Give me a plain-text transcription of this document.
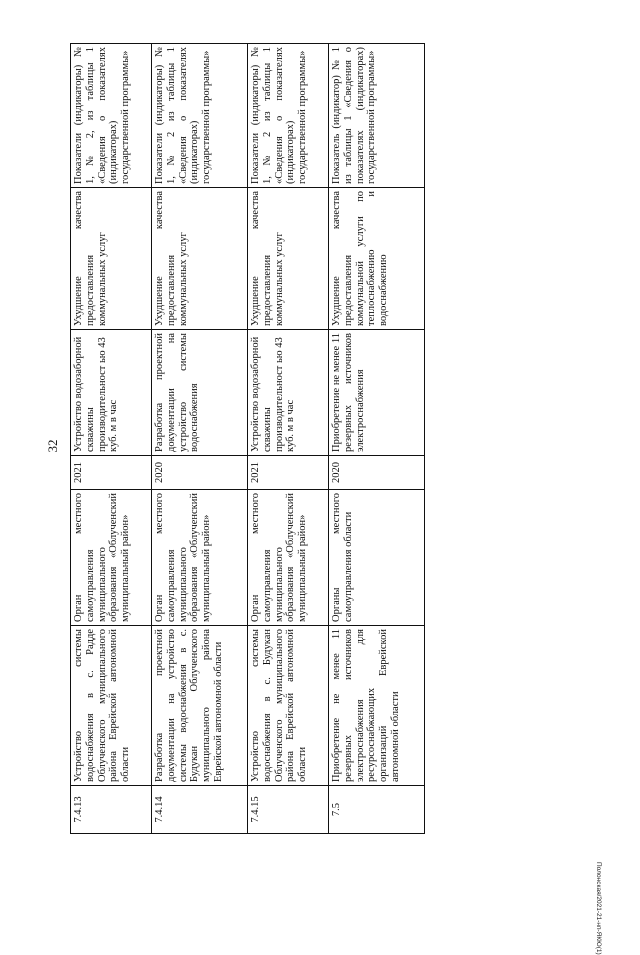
32
7.4.13	Устройство системы водоснабжения в с. Радде Облученского муниципального района Еврейской автономной области	Орган местного самоуправления муниципального образования «Облученский муниципальный район»	2021	Устройство водозаборной скважины производительност ью 43 куб. м в час	Ухудшение качества предоставления коммунальных услуг	Показатели (индикаторы) № 1, № 2, из таблицы 1 «Сведения о показателях (индикаторах) государственной программы»
7.4.14	Разработка проектной документации на устройство системы водоснабжения в с. Будукан Облученского муниципального района Еврейской автономной области	Орган местного самоуправления муниципального образования «Облученский муниципальный район»	2020	Разработка проектной документации на устройство системы водоснабжения	Ухудшение качества предоставления коммунальных услуг	Показатели (индикаторы) № 1, № 2 из таблицы 1 «Сведения о показателях (индикаторах) государственной программы»
7.4.15	Устройство системы водоснабжения в с. Будукан Облученского муниципального района Еврейской автономной области	Орган местного самоуправления муниципального образования «Облученский муниципальный район»	2021	Устройство водозаборной скважины производительност ью 43 куб. м в час	Ухудшение качества предоставления коммунальных услуг	Показатели (индикаторы) № 1, № 2 из таблицы 1 «Сведения о показателях (индикаторах) государственной программы»
7.5	Приобретение не менее 11 резервных источников электроснабжения для ресурсоснабжающих организаций Еврейской автономной области	Органы местного самоуправления области	2020	Приобретение не менее 11 резервных источников электроснабжения	Ухудшение качества предоставления коммунальной услуги по теплоснабжению и водоснабжению	Показатель (индикатор) № 1 из таблицы 1 «Сведения о показателях (индикаторах) государственной программы»
Полонская/2021-21-нп-ЯКЮ(1)
